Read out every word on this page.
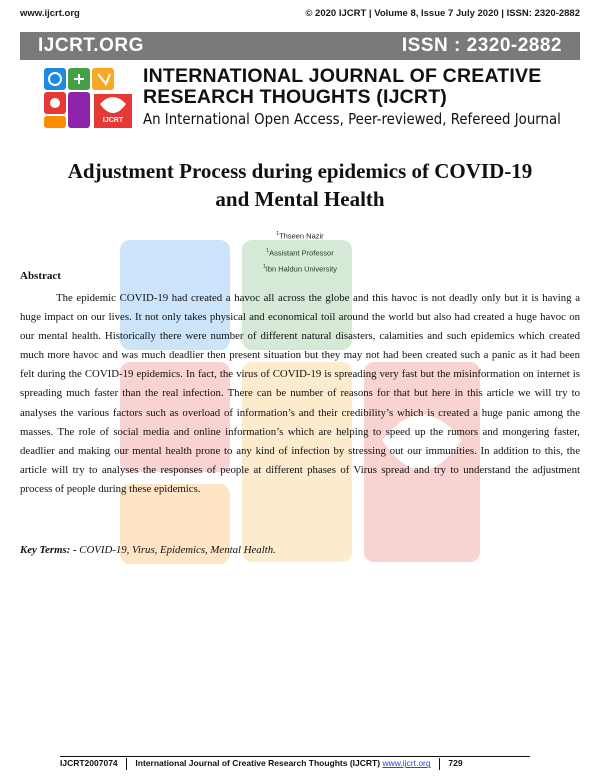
www.ijcrt.org	© 2020 IJCRT | Volume 8, Issue 7 July 2020 | ISSN: 2320-2882
IJCRT.ORG	ISSN : 2320-2882
IJCRT
INTERNATIONAL JOURNAL OF CREATIVE
RESEARCH THOUGHTS (IJCRT)
An International Open Access, Peer-reviewed, Refereed Journal
Adjustment Process during epidemics of COVID-19
and Mental Health
$^1$Thseen Nazir
$^1$Assistant Professor
$^1$Ibn Haldun University
Abstract

The epidemic COVID-19 had created a havoc all across the globe and this havoc is not deadly only but it is having a huge impact on our lives. It not only takes physical and economical toil around the world but also had created a huge havoc on our mental health. Historically there were number of different natural disasters, calamities and such epidemics which created much more havoc and was much deadlier then present situation but they may not had been created such a panic as it had been felt during the COVID-19 epidemics. In fact, the virus of COVID-19 is spreading very fast but the misinformation on internet is spreading much faster than the real infection. There can be number of reasons for that but here in this article we will try to analyses the various factors such as overload of information’s and their credibility’s which is created a huge panic among the masses. The role of social media and online information’s which are helping to speed up the rumors and mongering faster, deadlier and making our mental health prone to any kind of infection by stressing out our immunities. In addition to this, the article will try to analyses the responses of people at different phases of Virus spread and try to understand the adjustment process of people during these epidemics.

Key Terms: - COVID-19, Virus, Epidemics, Mental Health.
IJCRT2007074 International Journal of Creative Research Thoughts (IJCRT) www.ijcrt.org 729
